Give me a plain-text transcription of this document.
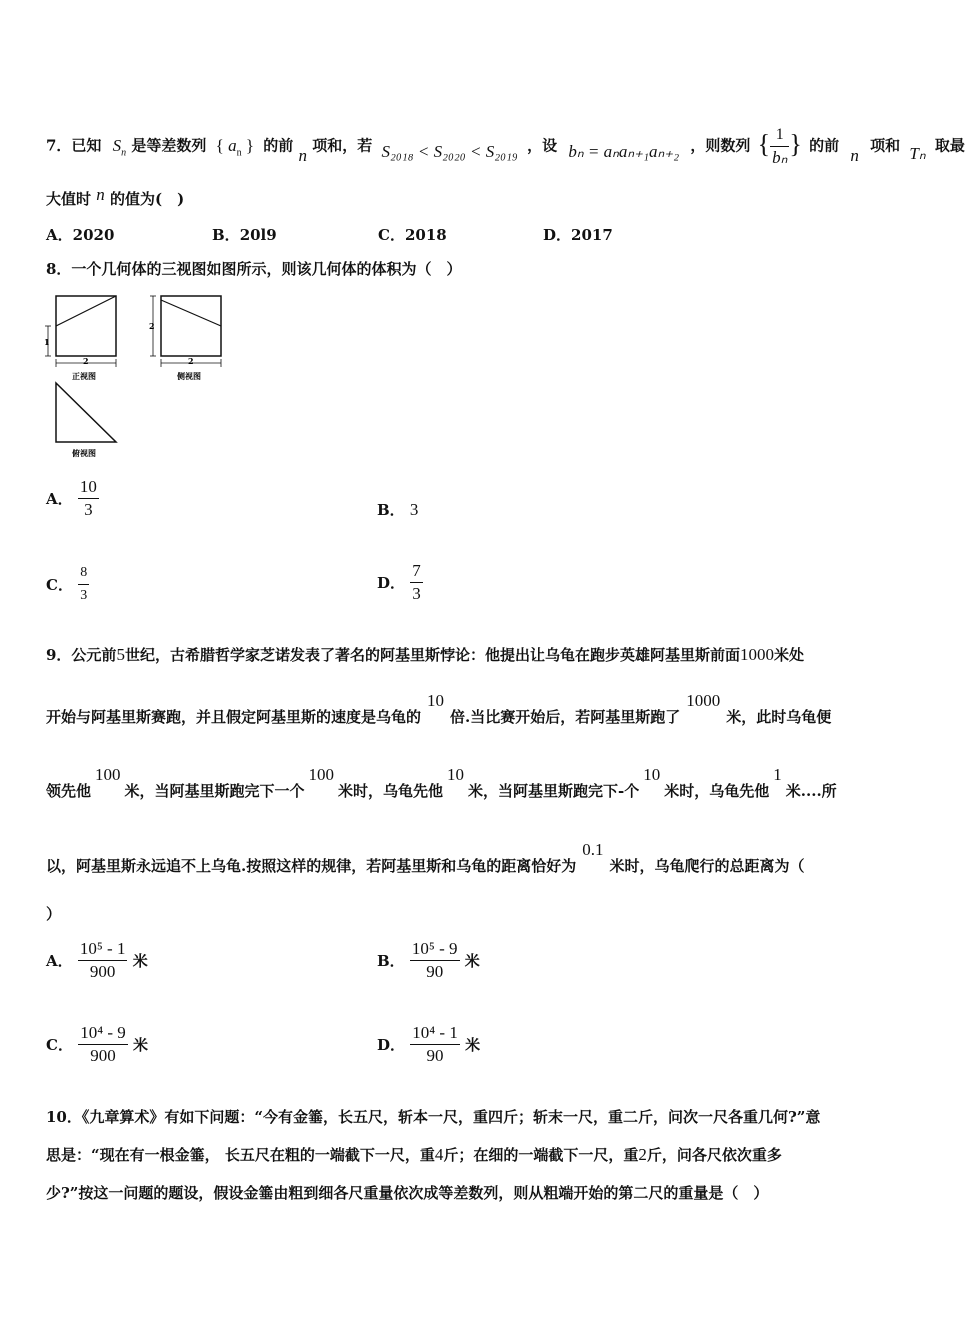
7．已知 $S_n$ 是等差数列 { $a_n$ } 的前 n 项和，若 S₂₀₁₈ < S₂₀₂₀ < S₂₀₁₉ ，设 bₙ = aₙaₙ₊₁aₙ₊₂ ，则数列 { $\frac{1}{\text{bₙ}}$ } 的前 n 项和 Tₙ 取最
大值时 n 的值为(　)
A．2020	B．20l9	C．2018	D．2017
8．一个几何体的三视图如图所示，则该几何体的体积为（　）
1
2
正视图
2
2
侧视图
俯视图
A． $\frac{10}{3}$	B． 3
C． $\frac{8}{3}$	D． $\frac{7}{3}$
9．公元前5世纪，古希腊哲学家芝诺发表了著名的阿基里斯悖论：他提出让乌龟在跑步英雄阿基里斯前面1000米处
开始与阿基里斯赛跑，并且假定阿基里斯的速度是乌龟的10倍.当比赛开始后，若阿基里斯跑了1000米，此时乌龟便
领先他100米，当阿基里斯跑完下一个100米时，乌龟先他10米，当阿基里斯跑完下-个10米时，乌龟先他1米....所
以，阿基里斯永远追不上乌龟.按照这样的规律，若阿基里斯和乌龟的距离恰好为0.1米时，乌龟爬行的总距离为（
）
A． $\frac{\text{10⁵ - 1}}{900}$ 米	B． $\frac{\text{10⁵ - 9}}{90}$ 米
C． $\frac{\text{10⁴ - 9}}{900}$ 米	D． $\frac{\text{10⁴ - 1}}{90}$ 米
10．《九章算术》有如下问题：“今有金箠，长五尺，斩本一尺，重四斤；斩末一尺，重二斤，问次一尺各重几何?”意
思是：“现在有一根金箠， 长五尺在粗的一端截下一尺，重4斤；在细的一端截下一尺，重2斤，问各尺依次重多
少?”按这一问题的题设，假设金箠由粗到细各尺重量依次成等差数列，则从粗端开始的第二尺的重量是（　）
